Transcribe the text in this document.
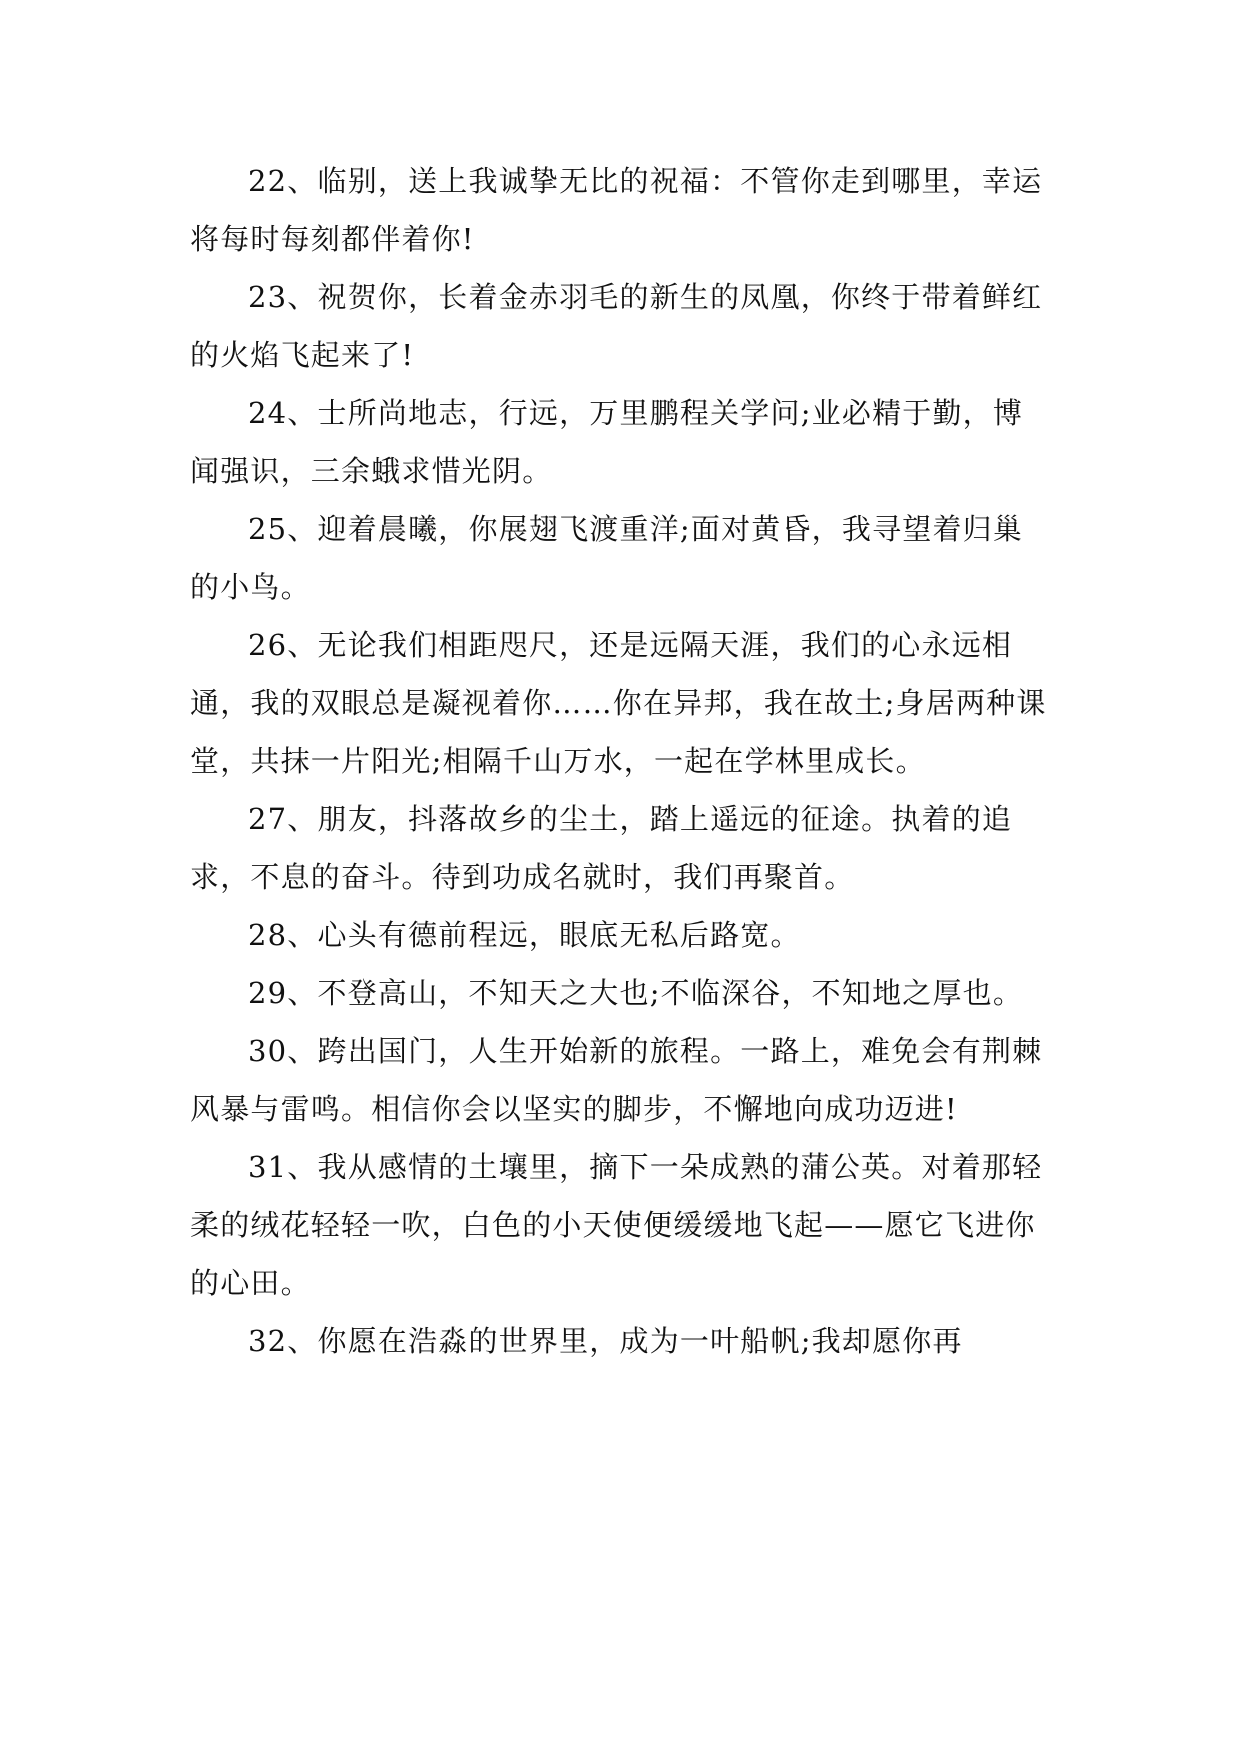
22、临别，送上我诚挚无比的祝福：不管你走到哪里，幸运将每时每刻都伴着你!

23、祝贺你，长着金赤羽毛的新生的凤凰，你终于带着鲜红的火焰飞起来了!

24、士所尚地志，行远，万里鹏程关学问;业必精于勤，博闻强识，三余蛾求惜光阴。

25、迎着晨曦，你展翅飞渡重洋;面对黄昏，我寻望着归巢的小鸟。

26、无论我们相距咫尺，还是远隔天涯，我们的心永远相通，我的双眼总是凝视着你……你在异邦，我在故土;身居两种课堂，共抹一片阳光;相隔千山万水，一起在学林里成长。

27、朋友，抖落故乡的尘土，踏上遥远的征途。执着的追求，不息的奋斗。待到功成名就时，我们再聚首。

28、心头有德前程远，眼底无私后路宽。

29、不登高山，不知天之大也;不临深谷，不知地之厚也。

30、跨出国门，人生开始新的旅程。一路上，难免会有荆棘风暴与雷鸣。相信你会以坚实的脚步，不懈地向成功迈进!

31、我从感情的土壤里，摘下一朵成熟的蒲公英。对着那轻柔的绒花轻轻一吹，白色的小天使便缓缓地飞起——愿它飞进你的心田。

32、你愿在浩淼的世界里，成为一叶船帆;我却愿你再
